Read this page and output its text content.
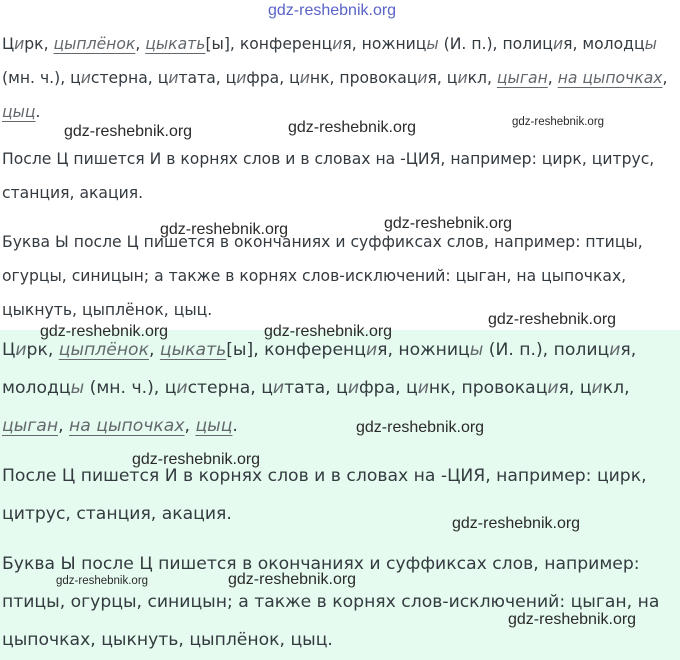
Цирк, цыплёнок, цыкать[ы], конференция, ножницы (И. п.), полиция, молодцы
(мн. ч.), цистерна, цитата, цифра, цинк, провокация, цикл, цыган, на цыпочках,
цыц.
После Ц пишется И в корнях слов и в словах на -ЦИЯ, например: цирк, цитрус,
станция, акация.
Буква Ы после Ц пишется в окончаниях и суффиксах слов, например: птицы,
огурцы, синицын; а также в корнях слов-исключений: цыган, на цыпочках,
цыкнуть, цыплёнок, цыц.
Цирк, цыплёнок, цыкать[ы], конференция, ножницы (И. п.), полиция,
молодцы (мн. ч.), цистерна, цитата, цифра, цинк, провокация, цикл,
цыган, на цыпочках, цыц.
После Ц пишется И в корнях слов и в словах на -ЦИЯ, например: цирк,
цитрус, станция, акация.
Буква Ы после Ц пишется в окончаниях и суффиксах слов, например:
птицы, огурцы, синицын; а также в корнях слов-исключений: цыган, на
цыпочках, цыкнуть, цыплёнок, цыц.
gdz-reshebnik.org
gdz-reshebnik.org	gdz-reshebnik.org	gdz-reshebnik.org
gdz-reshebnik.org	gdz-reshebnik.org
gdz-reshebnik.org	gdz-reshebnik.org
gdz-reshebnik.org
gdz-reshebnik.org
gdz-reshebnik.org
gdz-reshebnik.org
gdz-reshebnik.org	gdz-reshebnik.org
gdz-reshebnik.org
